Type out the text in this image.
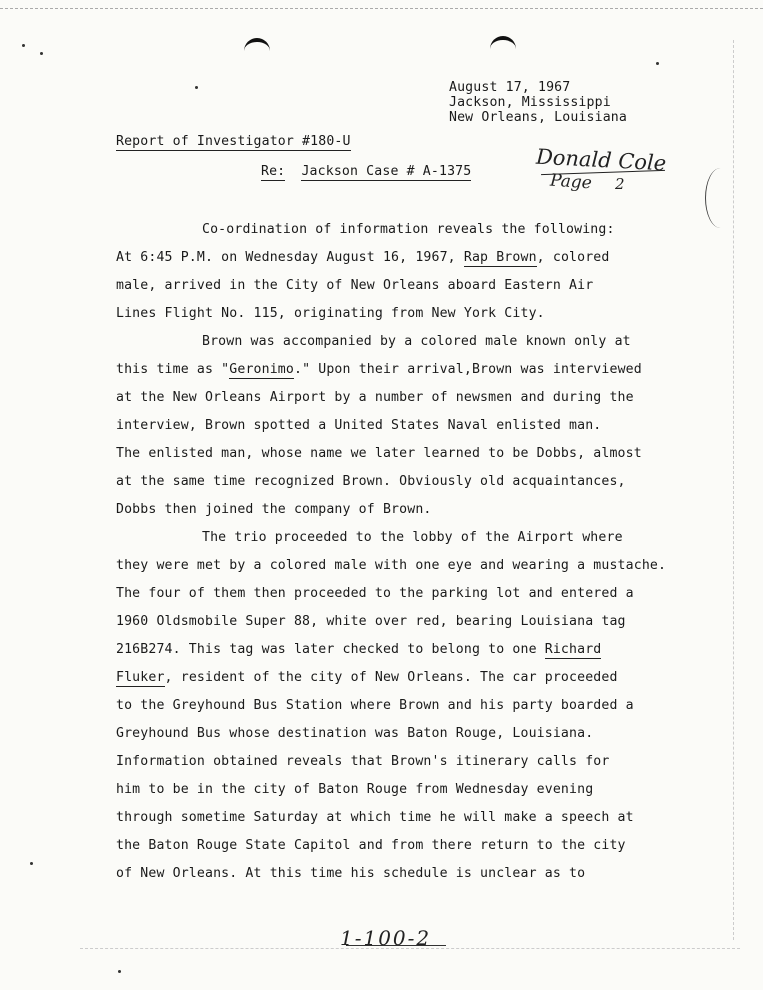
August 17, 1967
Jackson, Mississippi
New Orleans, Louisiana
Report of Investigator #180-U
Re: Jackson Case # A-1375	Donald Cole
Page 2
Co-ordination of information reveals the following:
At 6:45 P.M. on Wednesday August 16, 1967, Rap Brown, colored
male, arrived in the City of New Orleans aboard Eastern Air
Lines Flight No. 115, originating from New York City.
Brown was accompanied by a colored male known only at
this time as "Geronimo." Upon their arrival,Brown was interviewed
at the New Orleans Airport by a number of newsmen and during the
interview, Brown spotted a United States Naval enlisted man.
The enlisted man, whose name we later learned to be Dobbs, almost
at the same time recognized Brown. Obviously old acquaintances,
Dobbs then joined the company of Brown.
The trio proceeded to the lobby of the Airport where
they were met by a colored male with one eye and wearing a mustache.
The four of them then proceeded to the parking lot and entered a
1960 Oldsmobile Super 88, white over red, bearing Louisiana tag
216B274. This tag was later checked to belong to one Richard
Fluker, resident of the city of New Orleans. The car proceeded
to the Greyhound Bus Station where Brown and his party boarded a
Greyhound Bus whose destination was Baton Rouge, Louisiana.
Information obtained reveals that Brown's itinerary calls for
him to be in the city of Baton Rouge from Wednesday evening
through sometime Saturday at which time he will make a speech at
the Baton Rouge State Capitol and from there return to the city
of New Orleans. At this time his schedule is unclear as to
1-100-2
